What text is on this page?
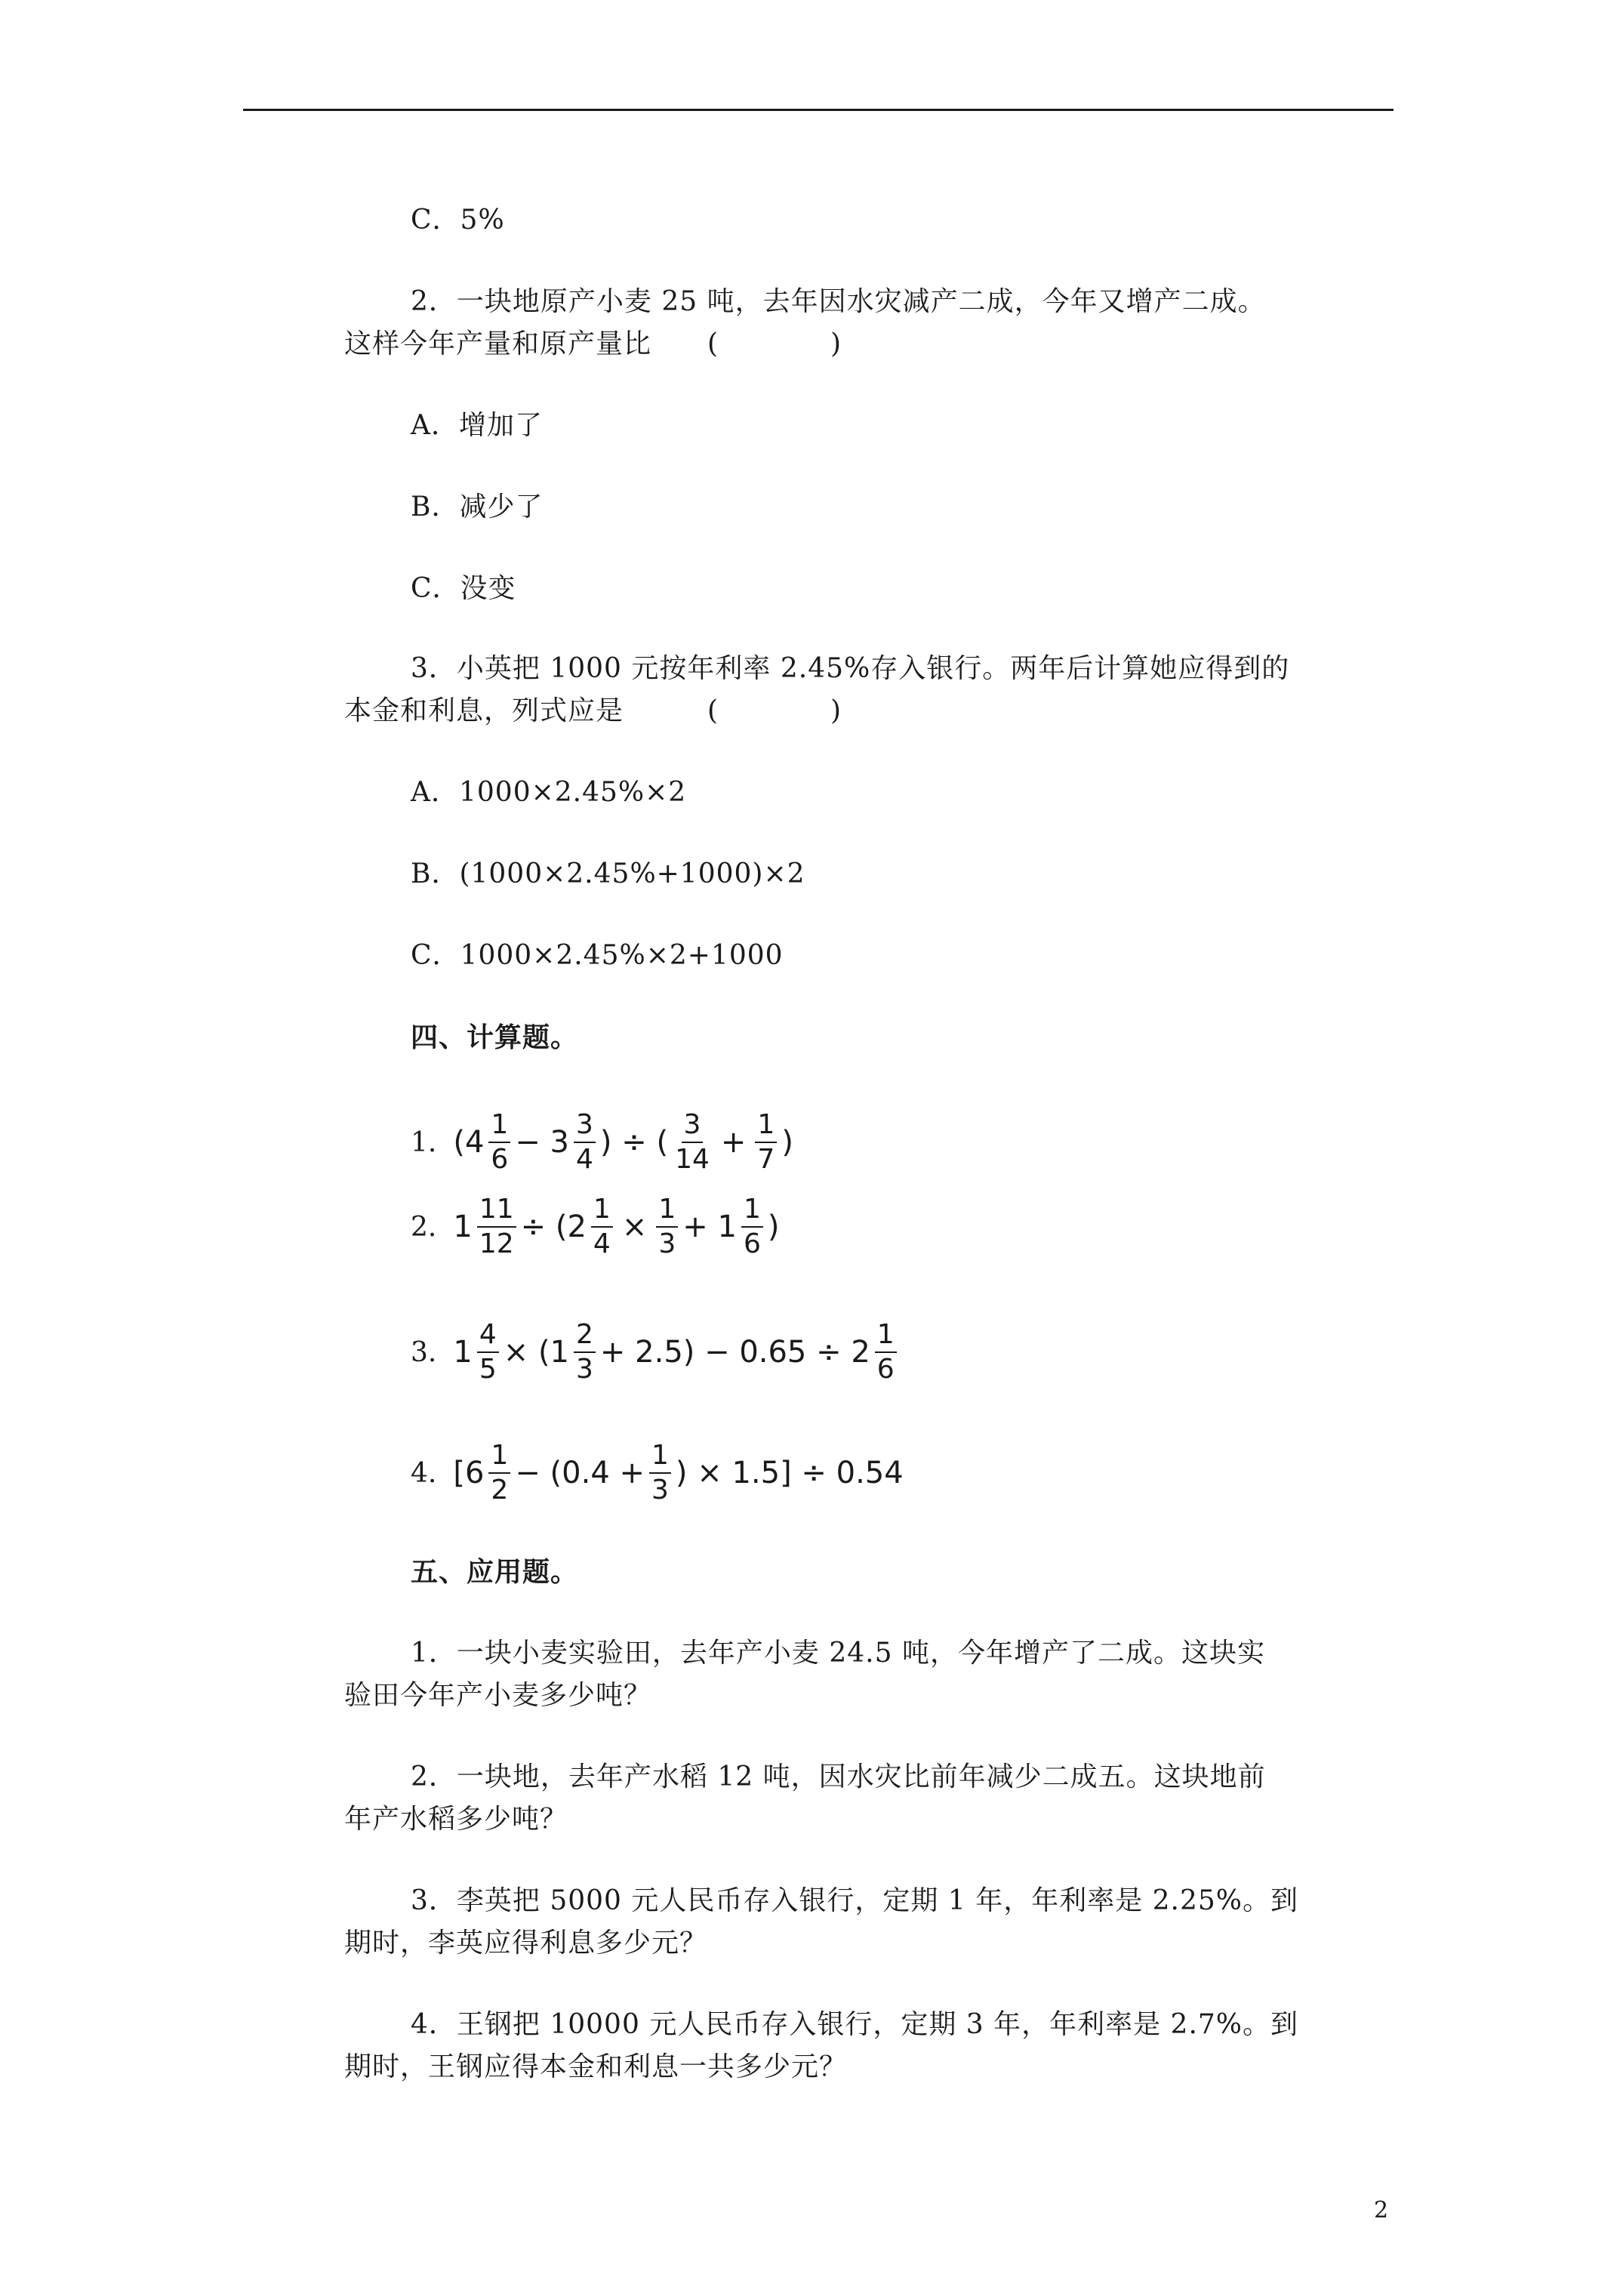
C．5%
2．一块地原产小麦 25 吨，去年因水灾减产二成，今年又增产二成。
这样今年产量和原产量比　　(　　　　)
A．增加了
B．减少了
C．没变
3．小英把 1000 元按年利率 2.45%存入银行。两年后计算她应得到的
本金和利息，列式应是　　　(　　　　)
A．1000×2.45%×2
B．(1000×2.45%+1000)×2
C．1000×2.45%×2+1000
四、计算题。
1. ($4 \frac{1}{6} - 3 \frac{3}{4}$ ) ÷ ( $\frac{3}{14} + \frac{1}{7}$ )
2. $1 \frac{11}{12} \div (2 \frac{1}{4} \times \frac{1}{3} + 1 \frac{1}{6}$ )
3. $1 \frac{4}{5} \times (1 \frac{2}{3} + 2.5) - 0.65 \div 2 \frac{1}{6}$
4. [$6 \frac{1}{2} - (0.4 + \frac{1}{3}$ ) × 1.5] ÷ 0.54
五、应用题。
1．一块小麦实验田，去年产小麦 24.5 吨，今年增产了二成。这块实
验田今年产小麦多少吨？
2．一块地，去年产水稻 12 吨，因水灾比前年减少二成五。这块地前
年产水稻多少吨？
3．李英把 5000 元人民币存入银行，定期 1 年，年利率是 2.25%。到
期时，李英应得利息多少元？
4．王钢把 10000 元人民币存入银行，定期 3 年，年利率是 2.7%。到
期时，王钢应得本金和利息一共多少元？
2
